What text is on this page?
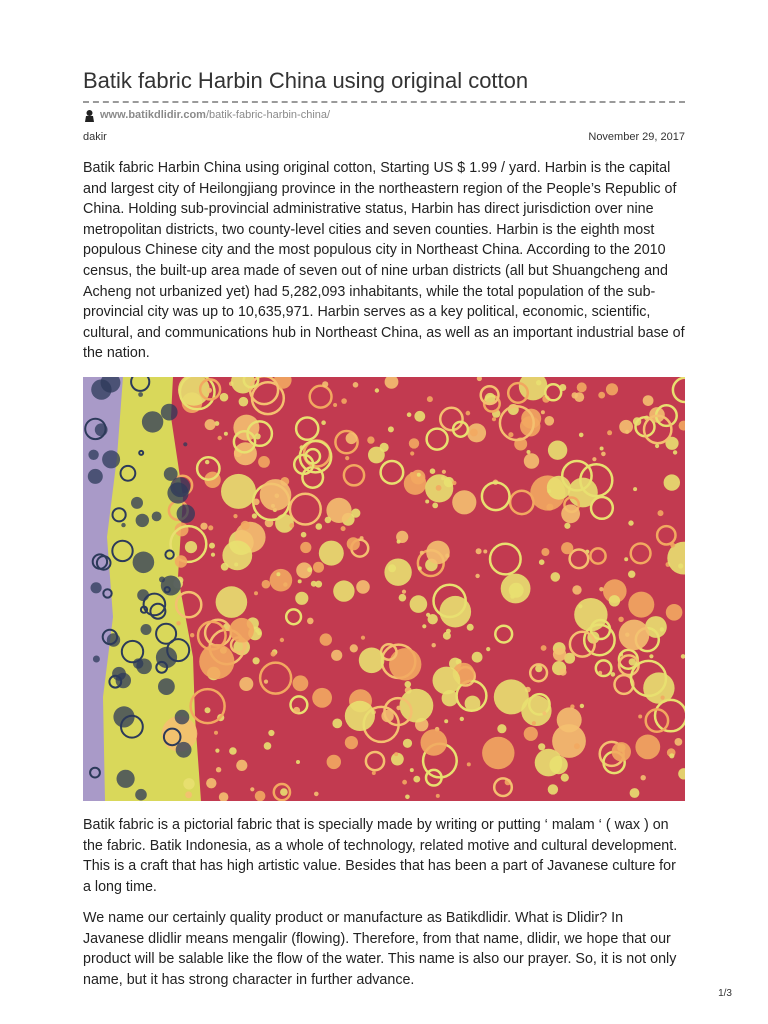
Batik fabric Harbin China using original cotton
www.batikdlidir.com /batik-fabric-harbin-china/
dakir	November 29, 2017

Batik fabric Harbin China using original cotton, Starting US $ 1.99 / yard. Harbin is the capital and largest city of Heilongjiang province in the northeastern region of the People’s Republic of China. Holding sub-provincial administrative status, Harbin has direct jurisdiction over nine metropolitan districts, two county-level cities and seven counties. Harbin is the eighth most populous Chinese city and the most populous city in Northeast China. According to the 2010 census, the built-up area made of seven out of nine urban districts (all but Shuangcheng and Acheng not urbanized yet) had 5,282,093 inhabitants, while the total population of the sub-provincial city was up to 10,635,971. Harbin serves as a key political, economic, scientific, cultural, and communications hub in Northeast China, as well as an important industrial base of the nation.

Batik fabric is a pictorial fabric that is specially made by writing or putting ‘ malam ‘ ( wax ) on the fabric. Batik Indonesia, as a whole of technology, related motive and cultural development. This is a craft that has high artistic value. Besides that has been a part of Javanese culture for a long time.

We name our certainly quality product or manufacture as Batikdlidir. What is Dlidir? In Javanese dlidlir means mengalir (flowing). Therefore, from that name, dlidir, we hope that our product will be salable like the flow of the water. This name is also our prayer. So, it is not only name, but it has strong character in further advance.

1/3
